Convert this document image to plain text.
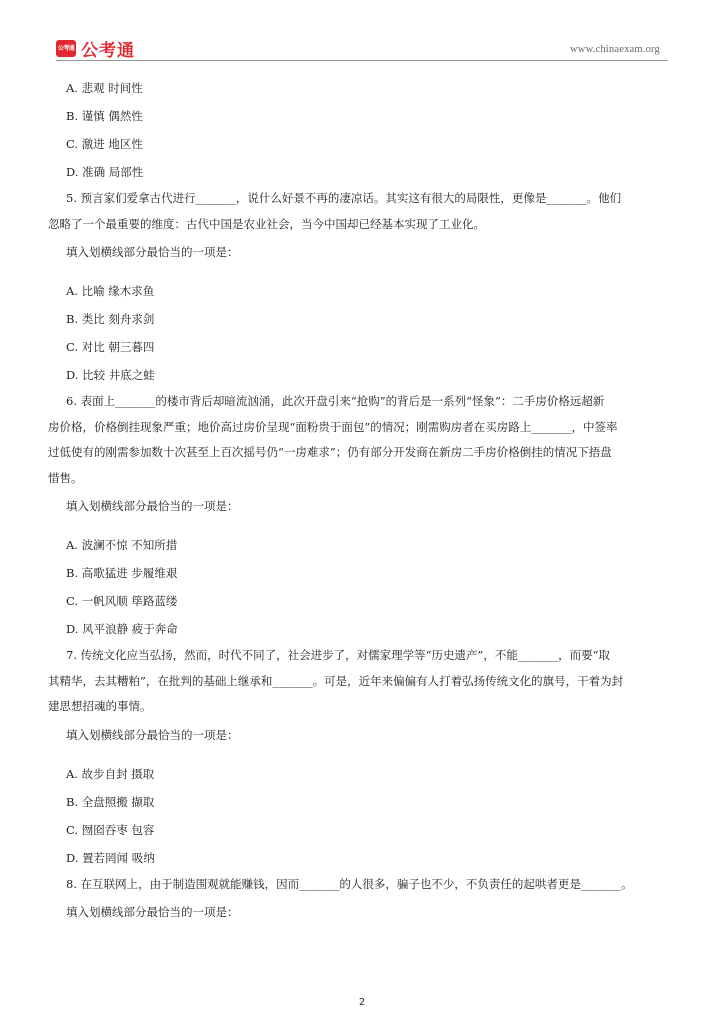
公考通 公考通	www.chinaexam.org
A. 悲观 时间性
B. 谨慎 偶然性
C. 激进 地区性
D. 准确 局部性
5. 预言家们爱拿古代进行_______，说什么好景不再的凄凉话。其实这有很大的局限性，更像是_______。他们
忽略了一个最重要的维度：古代中国是农业社会，当今中国却已经基本实现了工业化。
填入划横线部分最恰当的一项是：
A. 比喻 缘木求鱼
B. 类比 刻舟求剑
C. 对比 朝三暮四
D. 比较 井底之蛙
6. 表面上_______的楼市背后却暗流汹涌，此次开盘引来“抢购”的背后是一系列“怪象”：二手房价格远超新
房价格，价格倒挂现象严重；地价高过房价呈现“面粉贵于面包”的情况；刚需购房者在买房路上_______，中签率
过低使有的刚需参加数十次甚至上百次摇号仍“一房难求”；仍有部分开发商在新房二手房价格倒挂的情况下捂盘
惜售。
填入划横线部分最恰当的一项是：
A. 波澜不惊 不知所措
B. 高歌猛进 步履维艰
C. 一帆风顺 筚路蓝缕
D. 风平浪静 疲于奔命
7. 传统文化应当弘扬，然而，时代不同了，社会进步了，对儒家理学等“历史遗产”，不能_______，而要“取
其精华，去其糟粕”，在批判的基础上继承和_______。可是，近年来偏偏有人打着弘扬传统文化的旗号，干着为封
建思想招魂的事情。
填入划横线部分最恰当的一项是：
A. 故步自封 摄取
B. 全盘照搬 撷取
C. 囫囵吞枣 包容
D. 置若罔闻 吸纳
8. 在互联网上，由于制造围观就能赚钱，因而_______的人很多，骗子也不少，不负责任的起哄者更是_______。
填入划横线部分最恰当的一项是：
2
